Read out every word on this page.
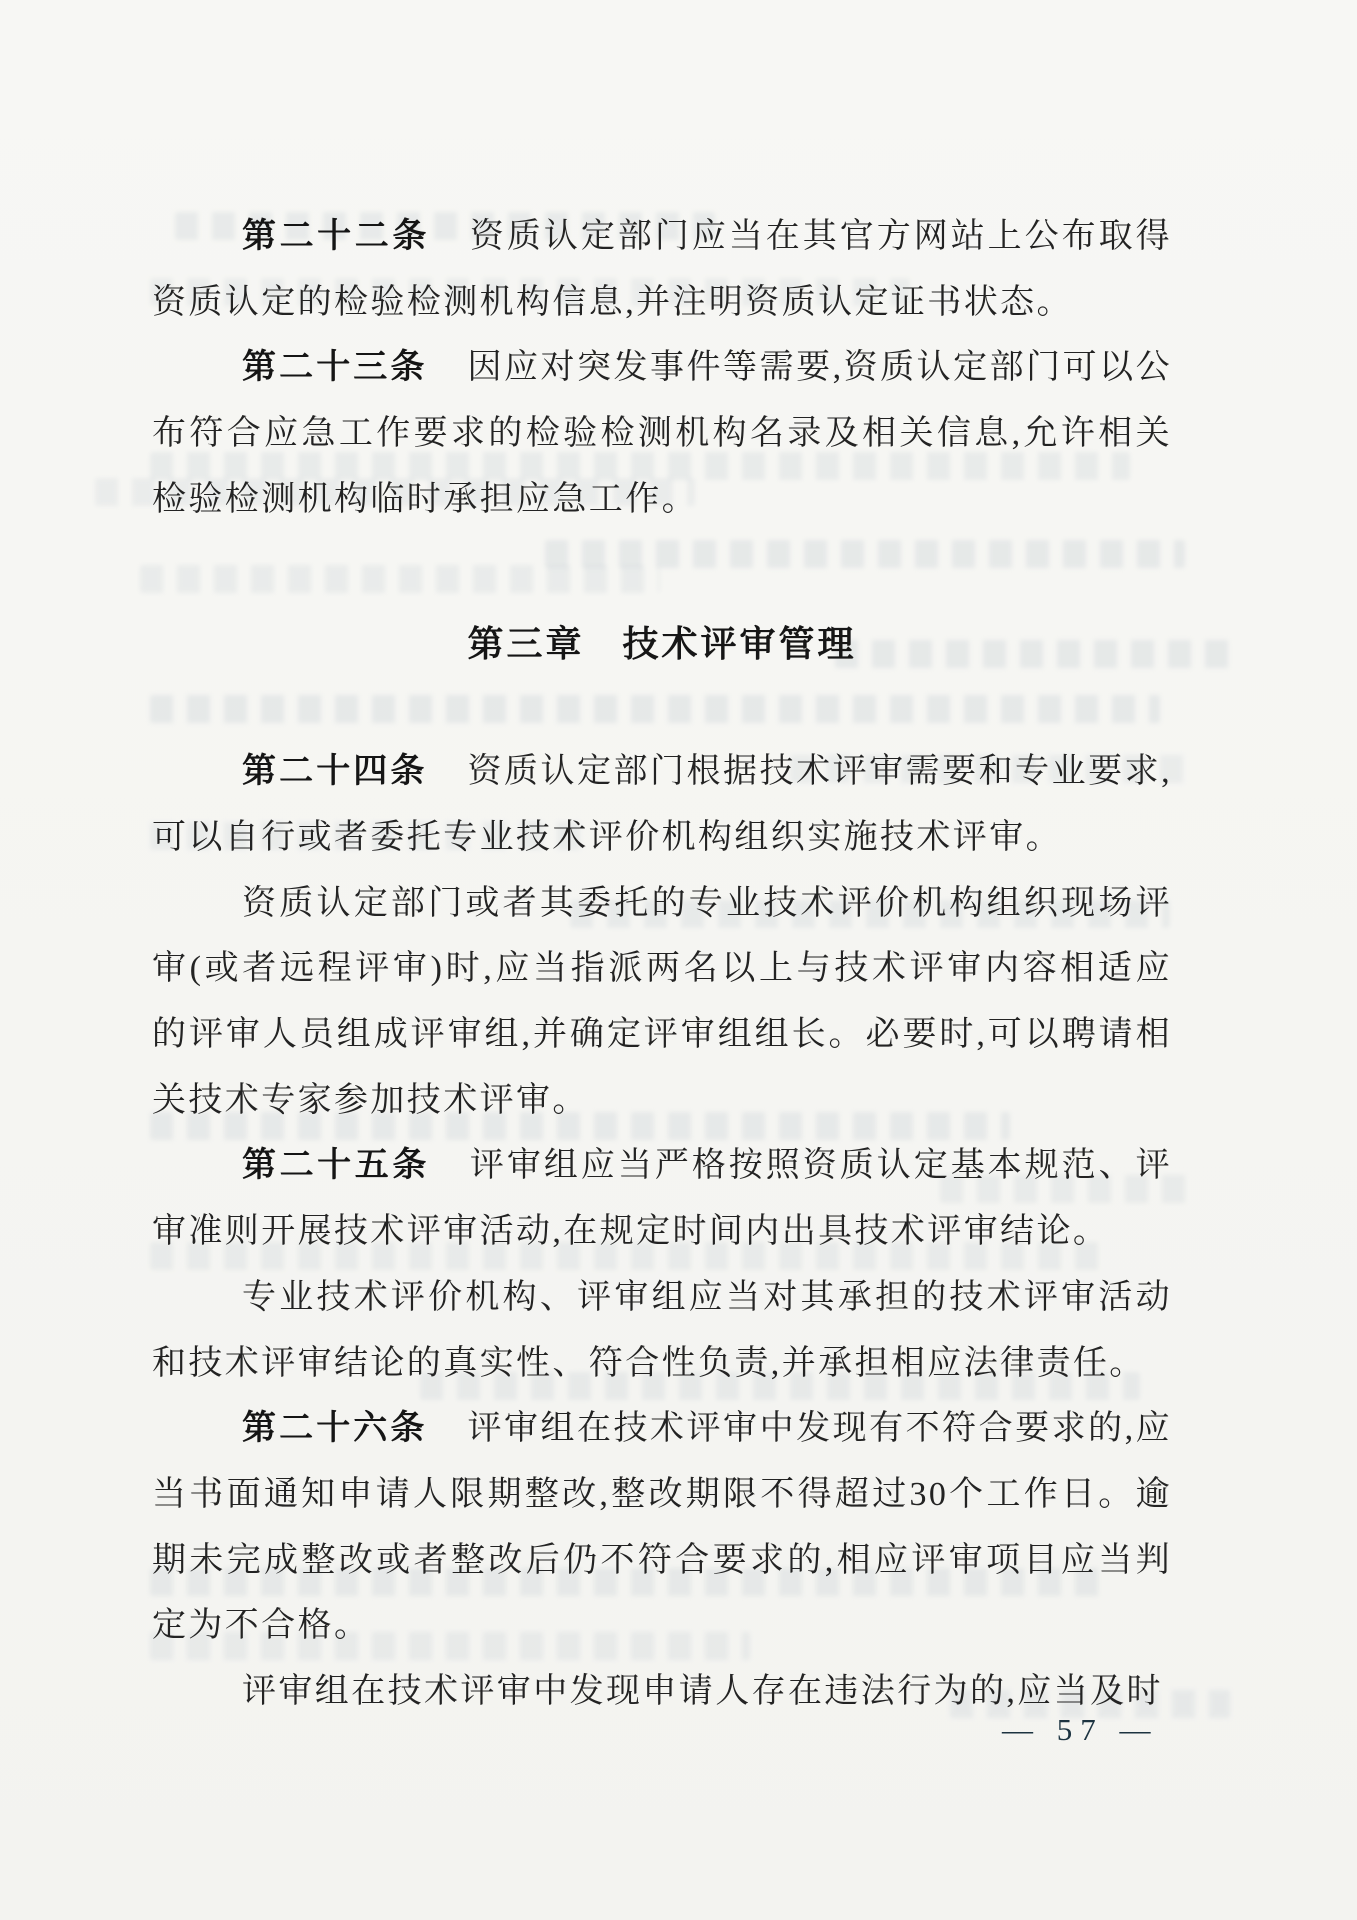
第二十二条 资质认定部门应当在其官方网站上公布取得资质认定的检验检测机构信息,并注明资质认定证书状态。

第二十三条 因应对突发事件等需要,资质认定部门可以公布符合应急工作要求的检验检测机构名录及相关信息,允许相关检验检测机构临时承担应急工作。

第三章 技术评审管理

第二十四条 资质认定部门根据技术评审需要和专业要求,可以自行或者委托专业技术评价机构组织实施技术评审。

资质认定部门或者其委托的专业技术评价机构组织现场评审(或者远程评审)时,应当指派两名以上与技术评审内容相适应的评审人员组成评审组,并确定评审组组长。必要时,可以聘请相关技术专家参加技术评审。

第二十五条 评审组应当严格按照资质认定基本规范、评审准则开展技术评审活动,在规定时间内出具技术评审结论。

专业技术评价机构、评审组应当对其承担的技术评审活动和技术评审结论的真实性、符合性负责,并承担相应法律责任。

第二十六条 评审组在技术评审中发现有不符合要求的,应当书面通知申请人限期整改,整改期限不得超过30个工作日。逾期未完成整改或者整改后仍不符合要求的,相应评审项目应当判定为不合格。

评审组在技术评审中发现申请人存在违法行为的,应当及时

— 57 —
